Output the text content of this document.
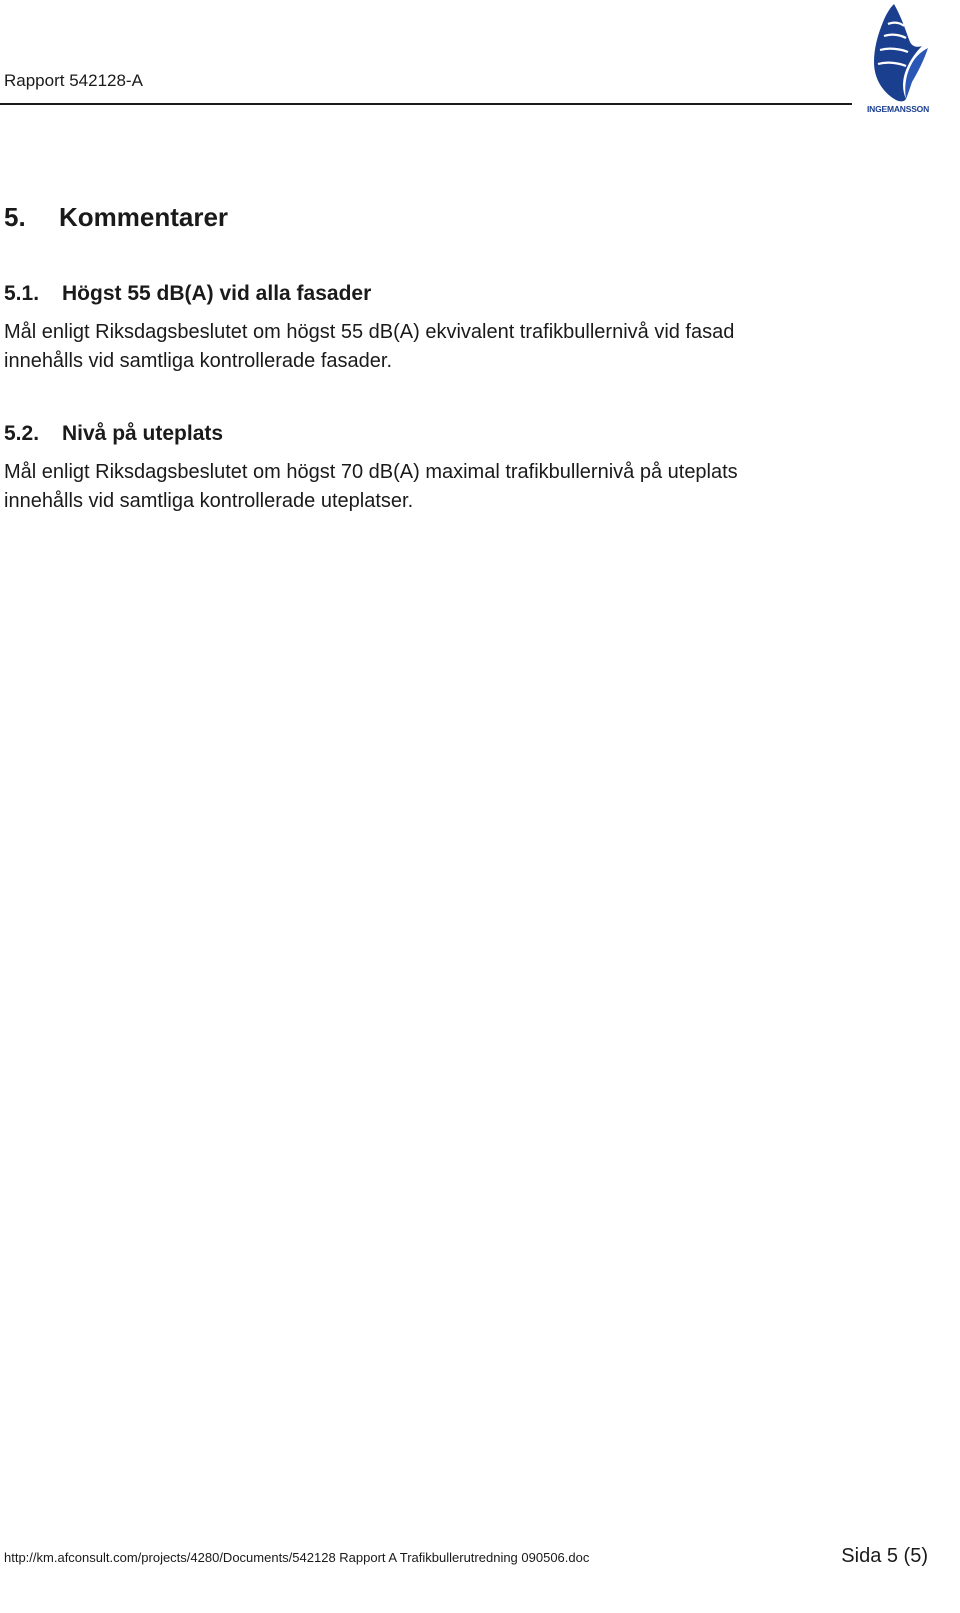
Rapport 542128-A
INGEMANSSON
5. Kommentarer
5.1. Högst 55 dB(A) vid alla fasader
Mål enligt Riksdagsbeslutet om högst 55 dB(A) ekvivalent trafikbullernivå vid fasad
innehålls vid samtliga kontrollerade fasader.
5.2. Nivå på uteplats
Mål enligt Riksdagsbeslutet om högst 70 dB(A) maximal trafikbullernivå på uteplats
innehålls vid samtliga kontrollerade uteplatser.
http://km.afconsult.com/projects/4280/Documents/542128 Rapport A Trafikbullerutredning 090506.doc	Sida 5 (5)
